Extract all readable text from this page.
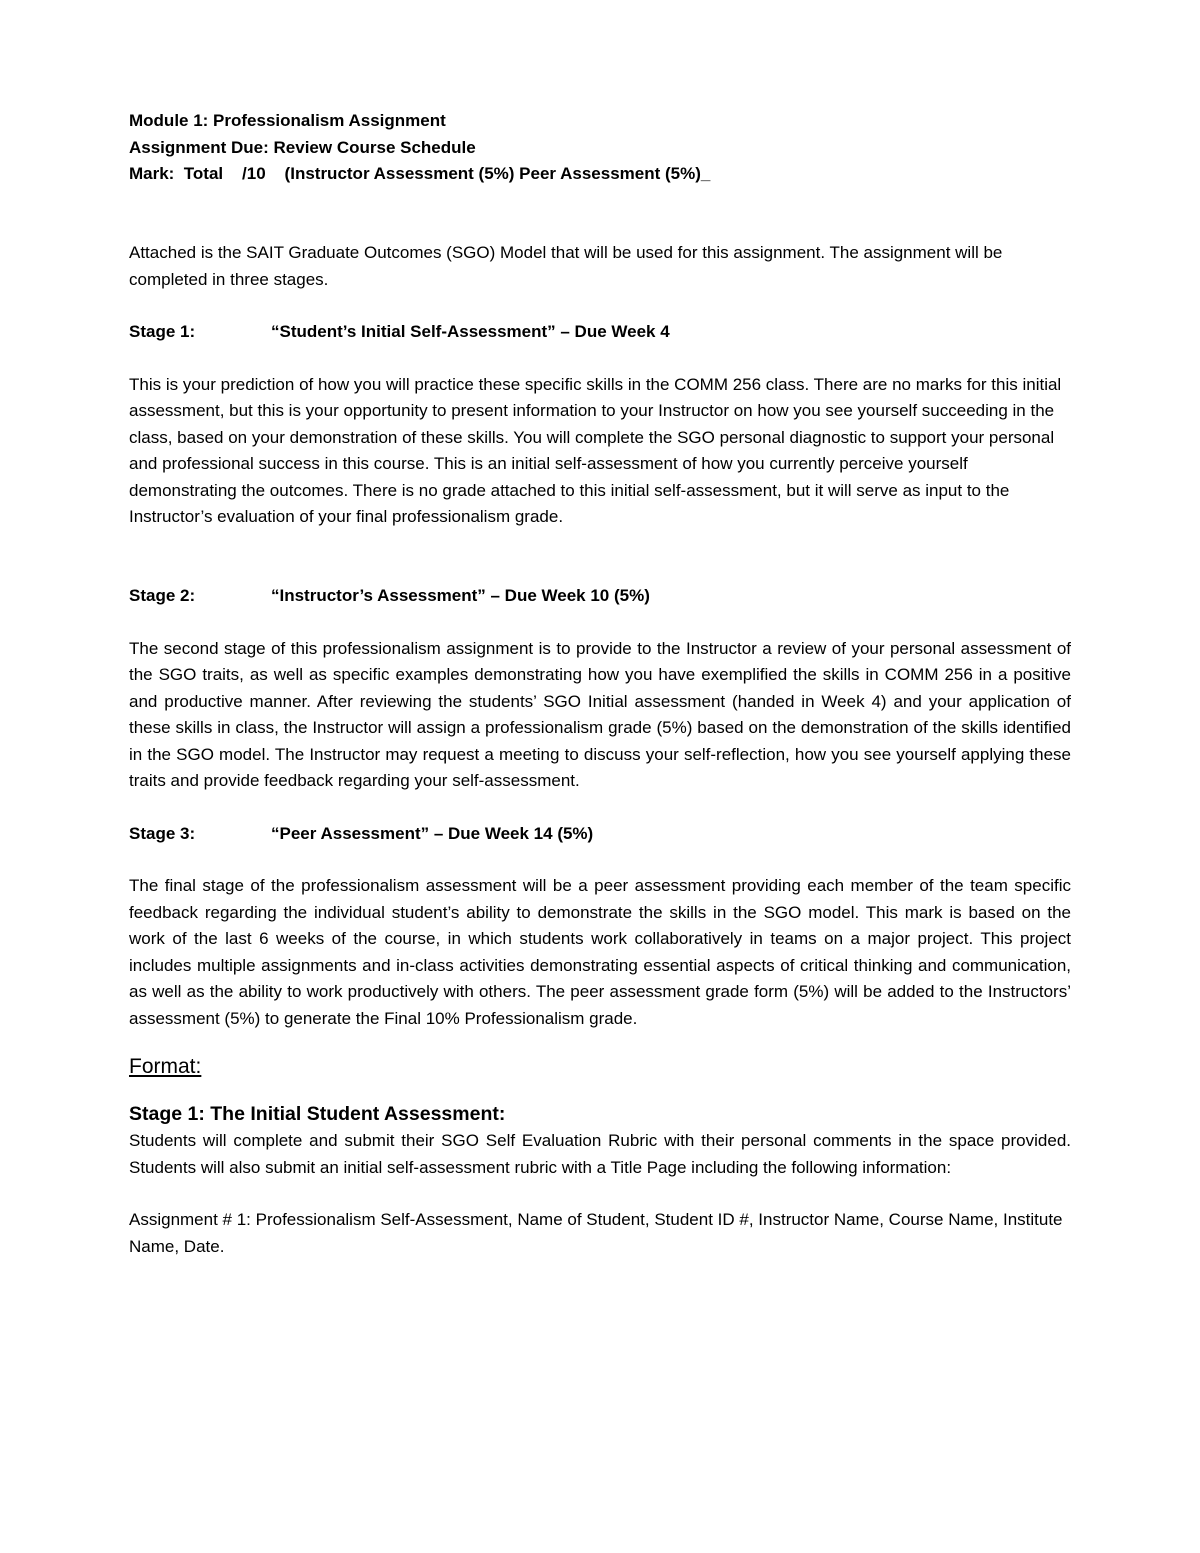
Module 1: Professionalism Assignment

Assignment Due: Review Course Schedule

Mark:  Total    /10    (Instructor Assessment (5%) Peer Assessment (5%)_

Attached is the SAIT Graduate Outcomes (SGO) Model that will be used for this assignment. The assignment will be completed in three stages.

Stage 1:	“Student’s Initial Self-Assessment” – Due Week 4

This is your prediction of how you will practice these specific skills in the COMM 256 class. There are no marks for this initial assessment, but this is your opportunity to present information to your Instructor on how you see yourself succeeding in the class, based on your demonstration of these skills. You will complete the SGO personal diagnostic to support your personal and professional success in this course. This is an initial self-assessment of how you currently perceive yourself demonstrating the outcomes. There is no grade attached to this initial self-assessment, but it will serve as input to the Instructor’s evaluation of your final professionalism grade.

Stage 2:	“Instructor’s Assessment” – Due Week 10 (5%)

The second stage of this professionalism assignment is to provide to the Instructor a review of your personal assessment of the SGO traits, as well as specific examples demonstrating how you have exemplified the skills in COMM 256 in a positive and productive manner. After reviewing the students’ SGO Initial assessment (handed in Week 4) and your application of these skills in class, the Instructor will assign a professionalism grade (5%) based on the demonstration of the skills identified in the SGO model. The Instructor may request a meeting to discuss your self-reflection, how you see yourself applying these traits and provide feedback regarding your self-assessment.

Stage 3:	“Peer Assessment” – Due Week 14 (5%)

The final stage of the professionalism assessment will be a peer assessment providing each member of the team specific feedback regarding the individual student’s ability to demonstrate the skills in the SGO model. This mark is based on the work of the last 6 weeks of the course, in which students work collaboratively in teams on a major project. This project includes multiple assignments and in-class activities demonstrating essential aspects of critical thinking and communication, as well as the ability to work productively with others. The peer assessment grade form (5%) will be added to the Instructors’ assessment (5%) to generate the Final 10% Professionalism grade.

Format:

Stage 1: The Initial Student Assessment:

Students will complete and submit their SGO Self Evaluation Rubric with their personal comments in the space provided. Students will also submit an initial self-assessment rubric with a Title Page including the following information:

Assignment # 1: Professionalism Self-Assessment, Name of Student, Student ID #, Instructor Name, Course Name, Institute Name, Date.
